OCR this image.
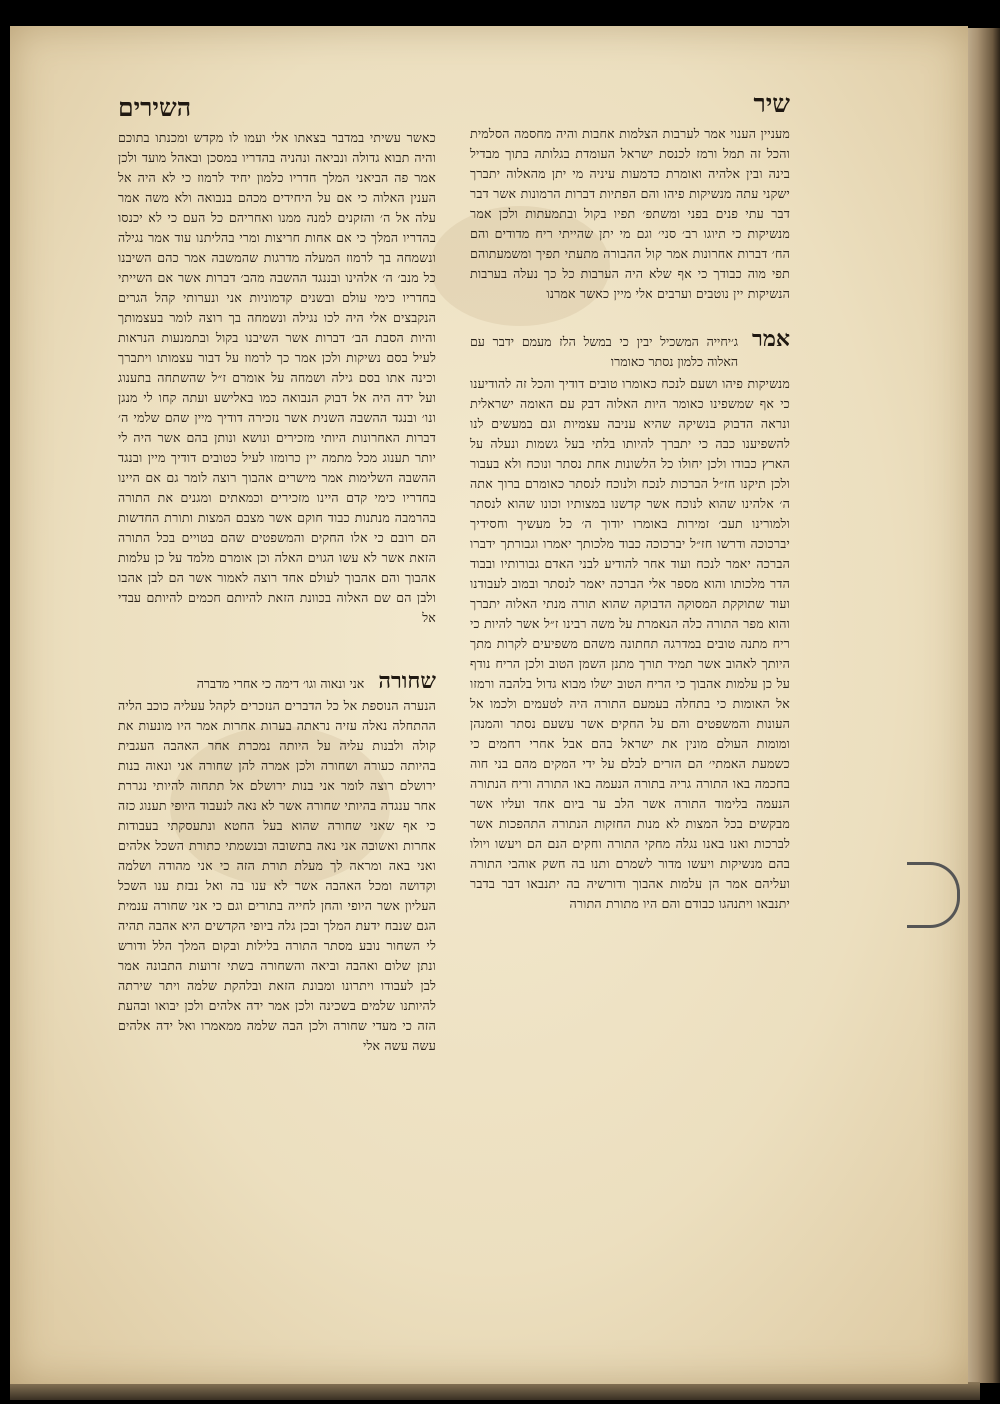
שיר

מעניין הענוי אמר לערבות הצלמות אחבות והיה מחסמה הסלמית והכל זה תמל ורמז לכנסת ישראל העומדת בגלותה בתוך מבדיל בינה ובין אלהיה ואומרת כדמעות עיניה מי יתן מהאלוה יתברך ישקני עתה מנשיקות פיהו והם הפתיות דברות הרמונות אשר דבר דבר עתי פנים בפני ומשתפ׳ תפיו בקול ובתמעתות ולכן אמר מנשיקות כי תיוגו רב׳ סני׳ וגם מי יתן שהייתי ריח מדודים והם הח׳ דברות אחרונות אמר קול ההבורה מתעתי תפיך ומשמעתוהם תפי מוה כבודך כי אף שלא היה הערבות כל כך נעלה בערבות הנשיקות יין נוטבים וערבים אלי מיין כאשר אמרנו

אמר
ג׳יחייה המשכיל יבין כי במשל הלז מעמם ידבר עם האלוה כלמון נסתר כאומרו

מנשיקות פיהו ושעם לנכח כאומרו טובים דודיך והכל זה להודיענו כי אף שמשפינו כאומר היות האלוה דבק עם האומה ישראלית ונראה הדבוק בנשיקה שהיא עניבה עצמיות וגם במעשים לנו להשפיענו כבה כי יתברך להיותו בלתי בעל גשמות ונעלה על הארץ כבודו ולכן יחולו כל הלשונות אחת נסתר ונוכח ולא בעבור ולכן תיקנו חז״ל הברכות לנכח ולנוכח לנסתר כאומרם ברוך אתה ה׳ אלהינו שהוא לנוכח אשר קדשנו במצותיו וכונו שהוא לנסתר ולמורינו תעב׳ זמירות באומרו יודוך ה׳ כל מעשיך וחסידיך יברכוכה ודרשו חז״ל יברכוכה כבוד מלכותך יאמרו וגבורתך ידברו הברכה יאמר לנכח ועוד אחר להודיע לבני האדם גבורותיו ובבוד הדר מלכותו והוא מספר אלי הברכה יאמר לנסתר ובמוב לעבודנו ועוד שתוקקת המסוקה הדבוקה שהוא תורה מנתי האלוה יתברך והוא מפר התורה כלה הנאמרת על משה רבינו ז״ל אשר להיות כי ריח מתנה טובים במדרגה תחתונה משהם משפיעים לקרות מתך היותך לאהוב אשר תמיד תורך מתנן השמן הטוב ולכן הריח נודף על כן עלמות אהבוך כי הריח הטוב ישלו מבוא גדול בלהבה ורמזו אל האומות כי בתחלה בעמעם התורה היה לטעמים ולכמו אל העונות והמשפטים והם על החקים אשר עשעם נסתר והמנהן ומומות העולם מונין את ישראל בהם אבל אחרי רחמים כי כשמעת האמתי׳ הם הזרים לבלם על ידי המקים מהם בני חוה בחכמה באו התורה גריה בתורה הנעמה באו התורה וריח הנתורה הנעמה בלימוד התורה אשר הלב ער ביום אחד ועליו אשר מבקשים בכל המצות לא מנות החזקות הנתורה התהפכות אשר לברכות ואנו באנו נגלה מחקי התורה וחקים הנם הם ויעשו ויולו בהם מנשיקות ויעשו מדור לשמרם ותנו בה חשק אוהבי התורה ועליהם אמר הן עלמות אהבוך ודורשיה בה יתנבאו דבר בדבר יתנבאו ויתנהגו כבודם והם היו מתורת התורה

השירים

כאשר עשיתי במדבר בצאתו אלי ועמו לו מקדש ומכנתו בתוכם והיה תבוא גדולה ונביאה ונהניה בהדריו במסכן ובאהל מועד ולכן אמר פה הביאני המלך חדריו כלמון יחיד לרמוז כי לא היה אל הענין האלוה כי אם על היחידים מכהם בנבואה ולא משה אמר עלה אל ה׳ והזקנים למנה ממנו ואחריהם כל העם כי לא יכנסו בהדריו המלך כי אם אחות חריצות ומרי בהליתנו עוד אמר נגילה ונשמחה בך לרמוז המעלה מדרגות שהמשבה אמר כהם השיבנו כל מנב׳ ה׳ אלהינו ובננגד ההשבה מהב׳ דברות אשר אם השייתי בחדריו כימי עולם ובשנים קדמוניות אני ונערותי קהל הגרים הנקבצים אלי היה לכו נגילה ונשמחה בך רוצה לומר בעצמותך והיות הסבת הב׳ דברות אשר השיבנו בקול ובתמנעות הנראות לעיל בסם נשיקות ולכן אמר כך לרמוז על דבור עצמותו ויתברך וכינה אתו בסם גילה ושמחה על אומרם ז״ל שהשתחה בתענוג ועל ידה היה אל דבוק הנבואה כמו באלישע ועתה קחו לי מנגן ונו׳ ובנגד ההשבה השנית אשר נזכירה דודיך מיין שהם שלמי ה׳ דברות האחרונות היותי מזכירים ונושא ונותן בהם אשר היה לי יותר תענוג מכל מתמה יין כרומזו לעיל כטובים דודיך מיין ובנגד ההשבה השלימות אמר מישרים אהבוך רוצה לומר גם אם היינו בחדריו כימי קדם היינו מזכירים וכמאתים ומגנים את התורה בהרמבה מנתנות כבוד חוקם אשר מצבם המצות ותורת החדשות הם רובם כי אלו החקים והמשפטים שהם בטויים בכל התורה הזאת אשר לא עשו הגוים האלה וכן אומרם מלמד על כן עלמות אהבוך והם אהבוך לעולם אחד רוצה לאמור אשר הם לבן אהבו ולבן הם שם האלוה בכוונת הזאת להיותם חכמים להיותם עבדי אל

שחורה
אני ונאוה וגו׳ דימה כי אחרי מדברה

הנערה הנוספת אל כל הדברים הנזכרים לקהל עעליה כוכב הליה ההתחלה נאלה עזיה נראתה בערות אחרות אמר היו מונעות את קולה ולבנות עליה על היותה נמכרת אחר האהבה העגבית בהיותה כעורה ושחורה ולכן אמרה להן שחורה אני ונאוה בנות ירושלם רוצה לומר אני בנות ירושלם אל תתחוה להיותי נגררת אחר ענגדה בהיותי שחורה אשר לא נאה לנעבוד היופי תענוג כזה כי אף שאני שחורה שהוא בעל החטא ונתעסקתי בעבודות אחרות ואשובה אני נאה בתשובה ובנשמתי כתורת השכל אלהים ואני באה ומראה לך מעלת תורת הזה כי אני מהודה ושלמה וקדושה ומכל האהבה אשר לא ענו בה ואל נבזת ענו השכל העליון אשר היופי והחן לחייה בתורים וגם כי אני שחורה ענמית הגם שנבח ידעת המלך ובכן גלה ביופי הקדשים היא אהבה תהיה לי השחור נובע מסתר התורה בלילות ובקום המלך הלל ודורש ונתן שלום ואהבה וביאה והשחורה בשתי זרועות התבונה אמר לבן לעבודו ויתרונו ומבונת הזאת ובלהקת שלמה ויתר שירתה להיותנו שלמים בשכינה ולכן אמר ידה אלהים ולכן יבואו ובהעת הזה כי מעדי שחורה ולכן הבה שלמה ממאמרו ואל ידה אלהים עשה עשה אלי
